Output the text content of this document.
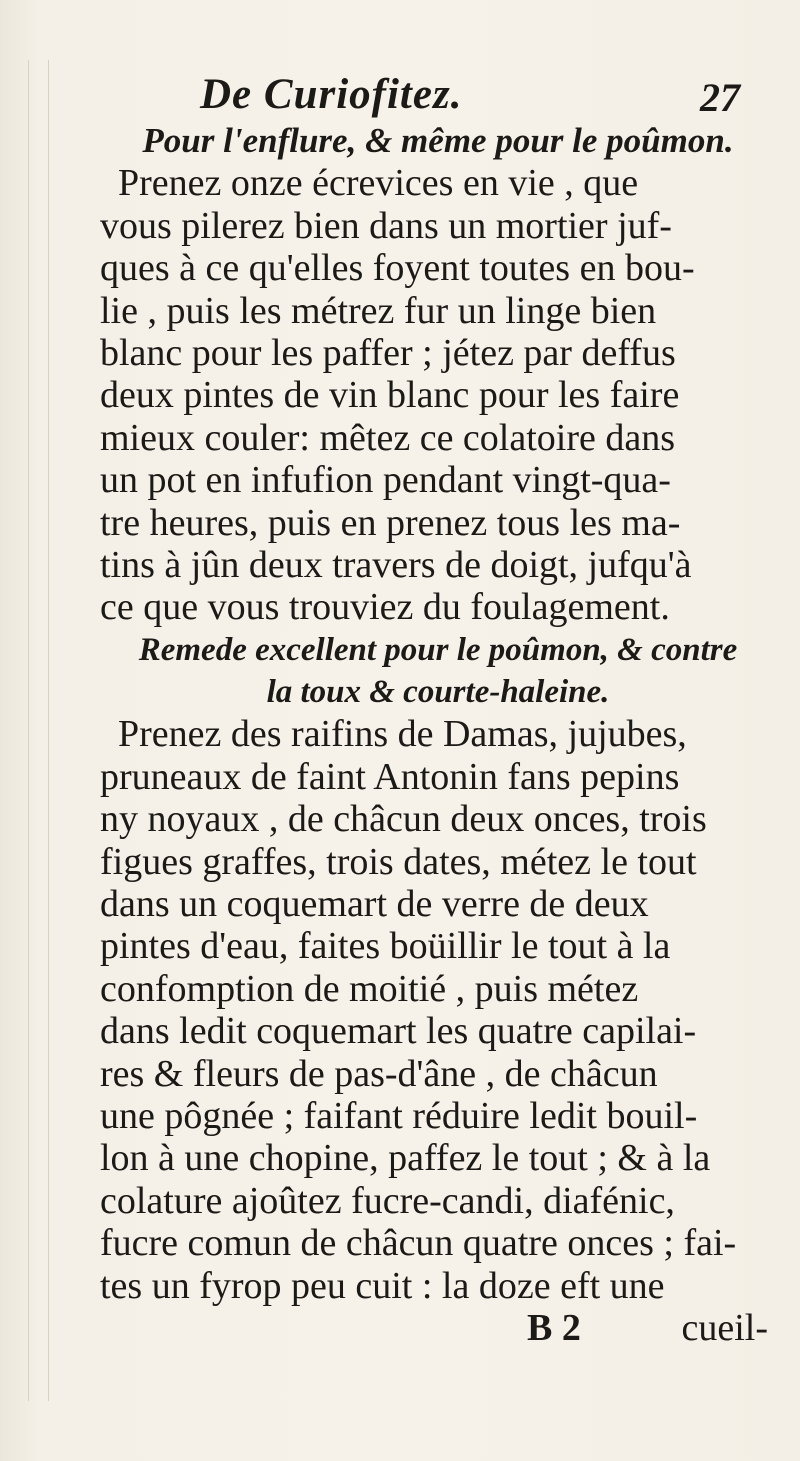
De Curiofitez.	27
Pour l'enflure, & même pour le poûmon.
Prenez onze écrevices en vie , que
vous pilerez bien dans un mortier juf-
ques à ce qu'elles foyent toutes en bou-
lie , puis les métrez fur un linge bien
blanc pour les paffer ; jétez par deffus
deux pintes de vin blanc pour les faire
mieux couler: mêtez ce colatoire dans
un pot en infufion pendant vingt-qua-
tre heures, puis en prenez tous les ma-
tins à jûn deux travers de doigt, jufqu'à
ce que vous trouviez du foulagement.
Remede excellent pour le poûmon, & contre
la toux & courte-haleine.
Prenez des raifins de Damas, jujubes,
pruneaux de faint Antonin fans pepins
ny noyaux , de châcun deux onces, trois
figues graffes, trois dates, métez le tout
dans un coquemart de verre de deux
pintes d'eau, faites boüillir le tout à la
confomption de moitié , puis métez
dans ledit coquemart les quatre capilai-
res & fleurs de pas-d'âne , de châcun
une pôgnée ; faifant réduire ledit bouil-
lon à une chopine, paffez le tout ; & à la
colature ajoûtez fucre-candi, diafénic,
fucre comun de châcun quatre onces ; fai-
tes un fyrop peu cuit : la doze eft une
B 2	cueil-
